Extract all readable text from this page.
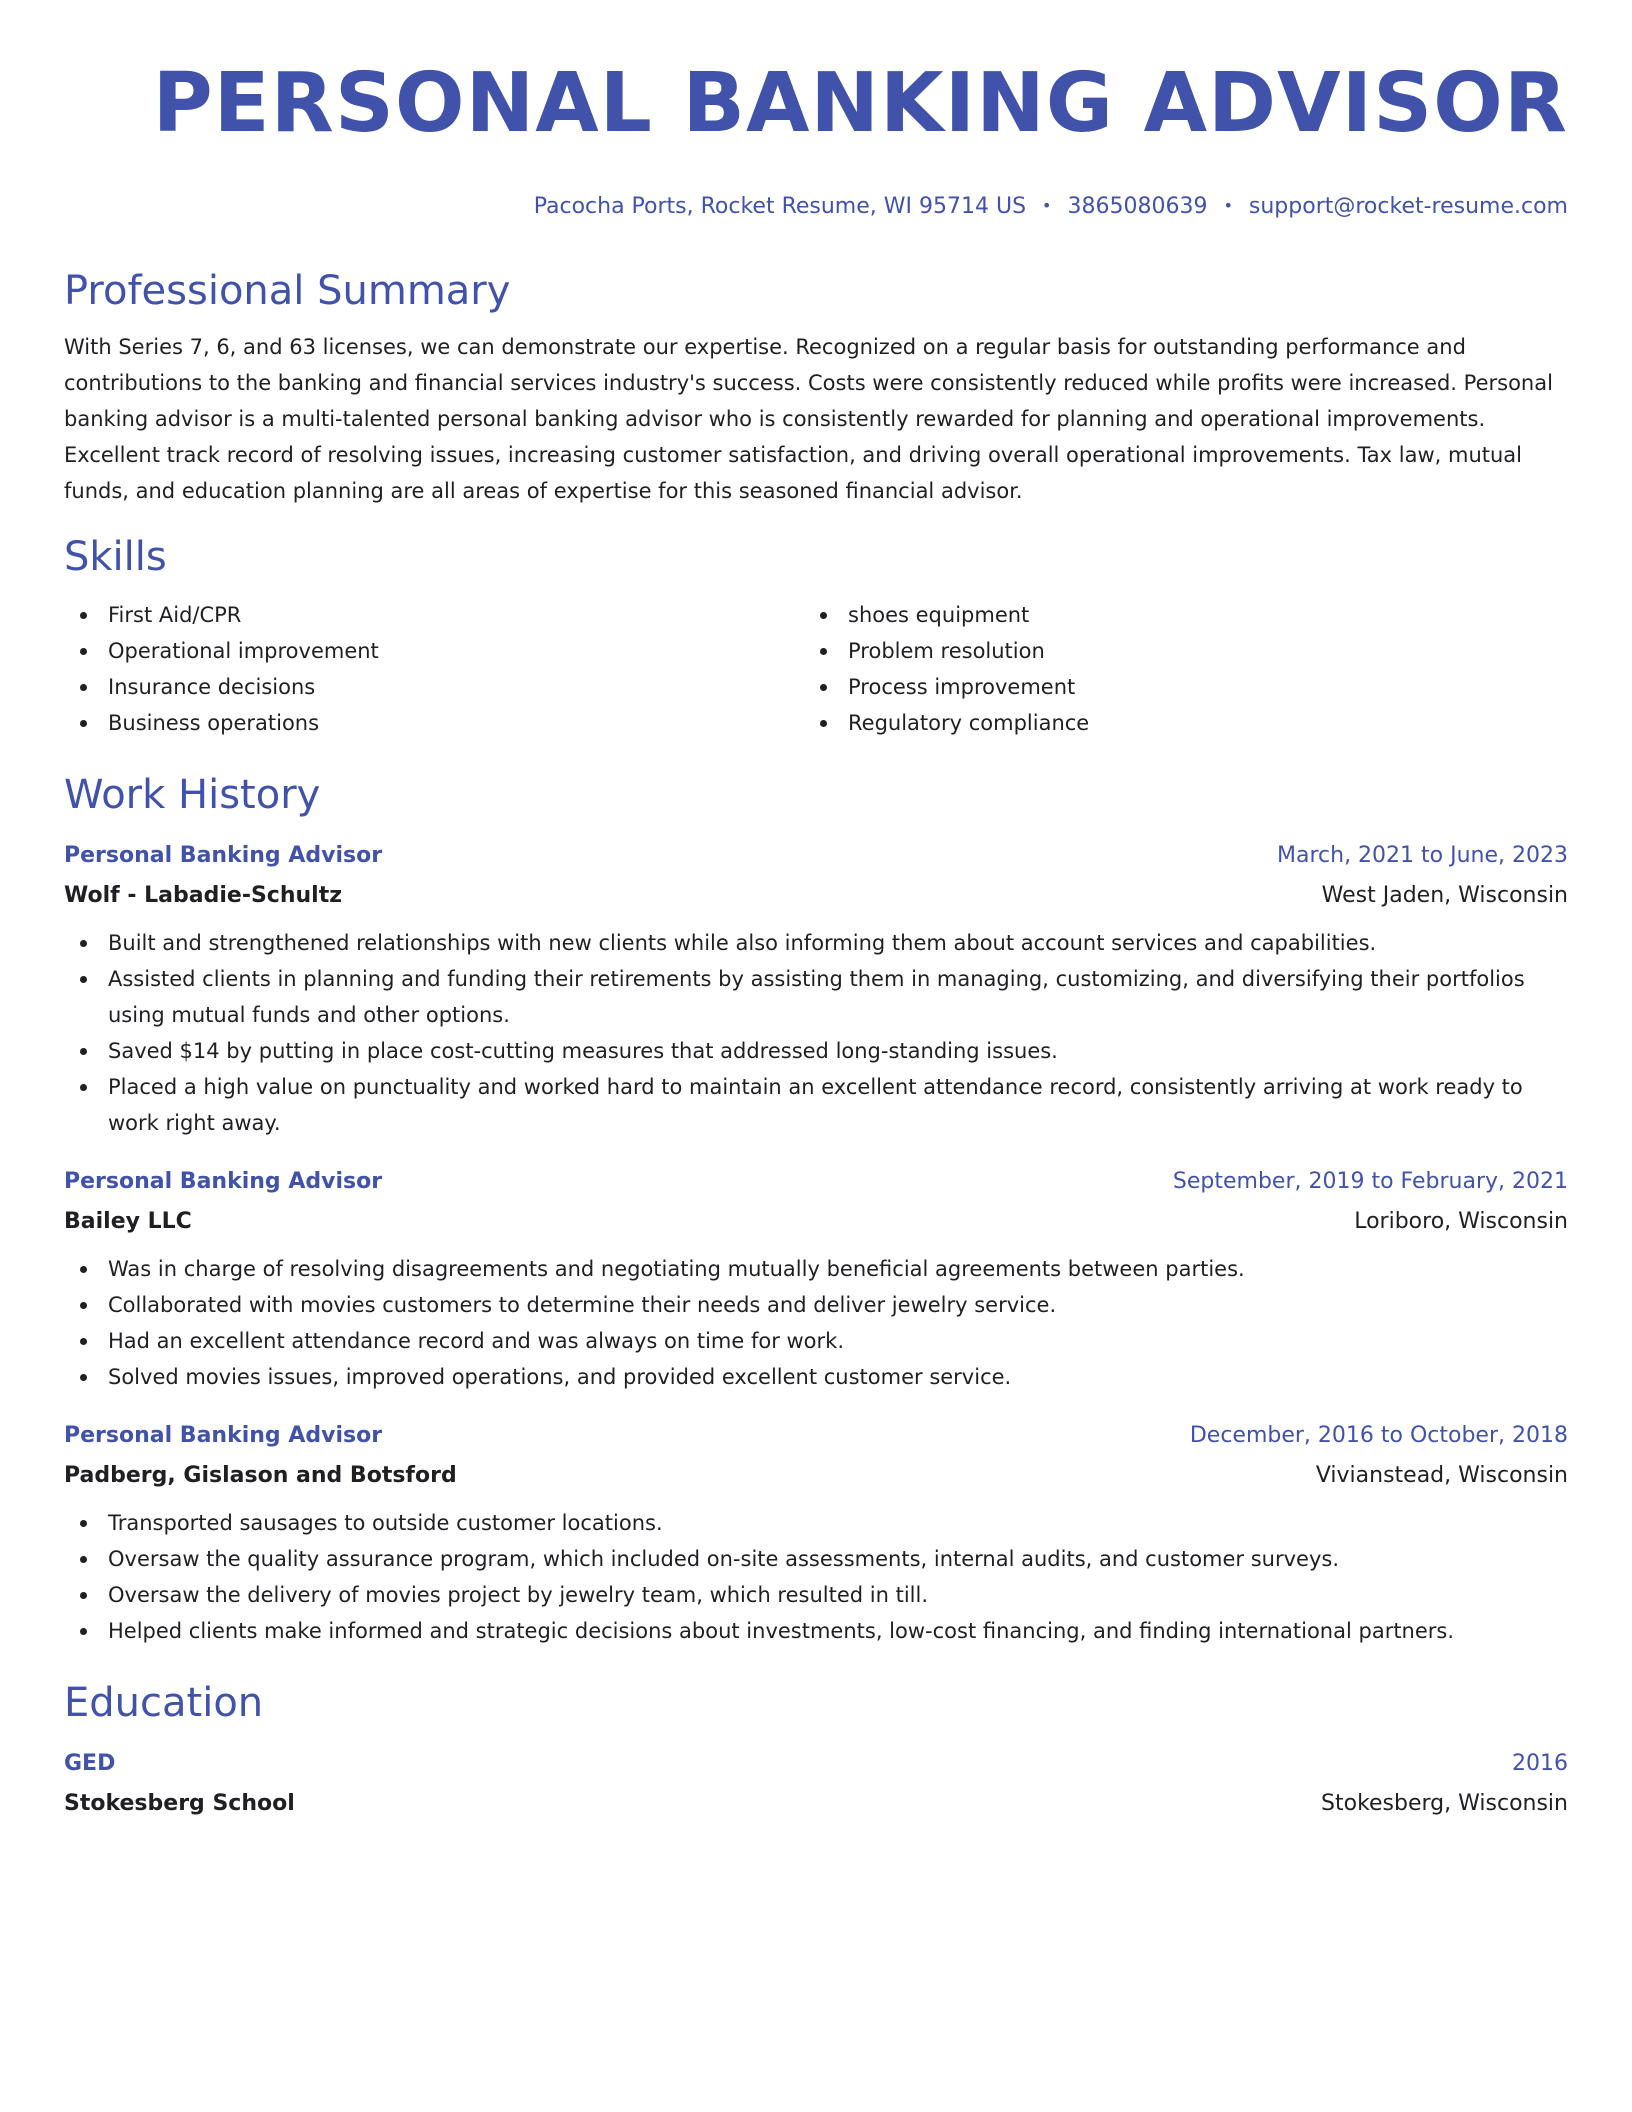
PERSONAL BANKING ADVISOR
Pacocha Ports, Rocket Resume, WI 95714 US • 3865080639 • support@rocket-resume.com
Professional Summary
With Series 7, 6, and 63 licenses, we can demonstrate our expertise. Recognized on a regular basis for outstanding performance and contributions to the banking and financial services industry's success. Costs were consistently reduced while profits were increased. Personal banking advisor is a multi-talented personal banking advisor who is consistently rewarded for planning and operational improvements. Excellent track record of resolving issues, increasing customer satisfaction, and driving overall operational improvements. Tax law, mutual funds, and education planning are all areas of expertise for this seasoned financial advisor.
Skills
First Aid/CPR
Operational improvement
Insurance decisions
Business operations
shoes equipment
Problem resolution
Process improvement
Regulatory compliance
Work History
Personal Banking Advisor	March, 2021 to June, 2023
Wolf - Labadie-Schultz	West Jaden, Wisconsin
Built and strengthened relationships with new clients while also informing them about account services and capabilities.
Assisted clients in planning and funding their retirements by assisting them in managing, customizing, and diversifying their portfolios using mutual funds and other options.
Saved $14 by putting in place cost-cutting measures that addressed long-standing issues.
Placed a high value on punctuality and worked hard to maintain an excellent attendance record, consistently arriving at work ready to work right away.
Personal Banking Advisor	September, 2019 to February, 2021
Bailey LLC	Loriboro, Wisconsin
Was in charge of resolving disagreements and negotiating mutually beneficial agreements between parties.
Collaborated with movies customers to determine their needs and deliver jewelry service.
Had an excellent attendance record and was always on time for work.
Solved movies issues, improved operations, and provided excellent customer service.
Personal Banking Advisor	December, 2016 to October, 2018
Padberg, Gislason and Botsford	Vivianstead, Wisconsin
Transported sausages to outside customer locations.
Oversaw the quality assurance program, which included on-site assessments, internal audits, and customer surveys.
Oversaw the delivery of movies project by jewelry team, which resulted in till.
Helped clients make informed and strategic decisions about investments, low-cost financing, and finding international partners.
Education
GED	2016
Stokesberg School	Stokesberg, Wisconsin
